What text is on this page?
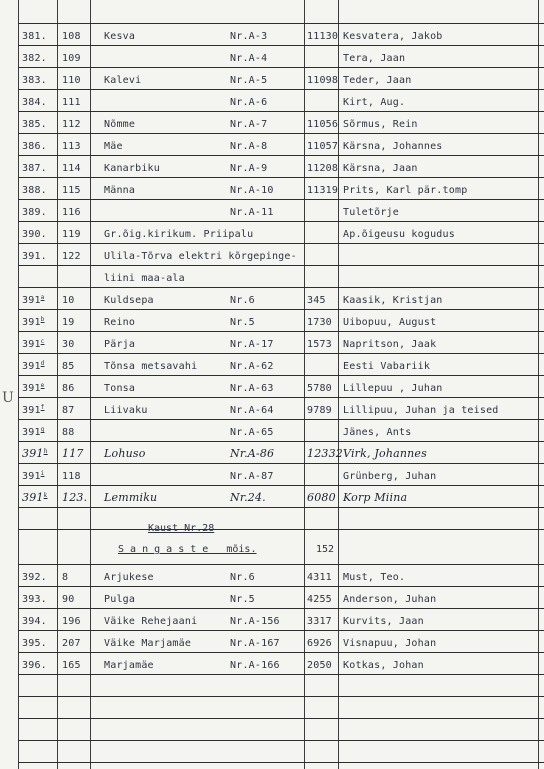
381. 108 Kesva	Nr.A-3	11130 Kesvatera, Jakob
382. 109	Nr.A-4	Tera, Jaan
383. 110 Kalevi	Nr.A-5	11098 Teder, Jaan
384. 111	Nr.A-6	Kirt, Aug.
385. 112 Nõmme	Nr.A-7	11056 Sõrmus, Rein
386. 113 Mäe	Nr.A-8	11057 Kärsna, Johannes
387. 114 Kanarbiku	Nr.A-9	11208 Kärsna, Jaan
388. 115 Männa	Nr.A-10	11319 Prits, Karl pär.tomp
389. 116	Nr.A-11	Tuletõrje
390. 119 Gr.õig.kirikum. Priipalu	Ap.õigeusu kogudus
391. 122 Ulila-Tõrva elektri kõrgepinge-
liini maa-ala
391$^a$ 10	Kuldsepa	Nr.6	345 Kaasik, Kristjan
391$^b$ 19	Reino	Nr.5	1730 Uibopuu, August
391$^c$ 30	Pärja	Nr.A-17	1573 Napritson, Jaak
391$^d$ 85	Tõnsa metsavahi	Nr.A-62	Eesti Vabariik
391e 86	Tonsa	Nr.A-63	5780 Lillepuu , Juhan
391$^f$ 87	Liivaku	Nr.A-64	9789 Lillipuu, Juhan ja teised
391$^g$ 88	Nr.A-65	Jänes, Ants
391$^h$ 117 Lohuso	Nr.A-86	12332 Virk, Johannes
391$^i$ 118	Nr.A-87	Grünberg, Juhan
391$^k$ 123. Lemmiku	Nr.24.	6080 Korp Miina
392. 8	Arjukese	Nr.6	4311 Must, Teo.
393. 90	Pulga	Nr.5	4255 Anderson, Juhan
394. 196 Väike Rehejaani	Nr.A-156	3317 Kurvits, Jaan
395. 207 Väike Marjamäe	Nr.A-167	6926 Visnapuu, Johan
396. 165 Marjamäe	Nr.A-166	2050 Kotkas, Johan
Kaust Nr.28
S a n g a s t e   mõis.	152
U
